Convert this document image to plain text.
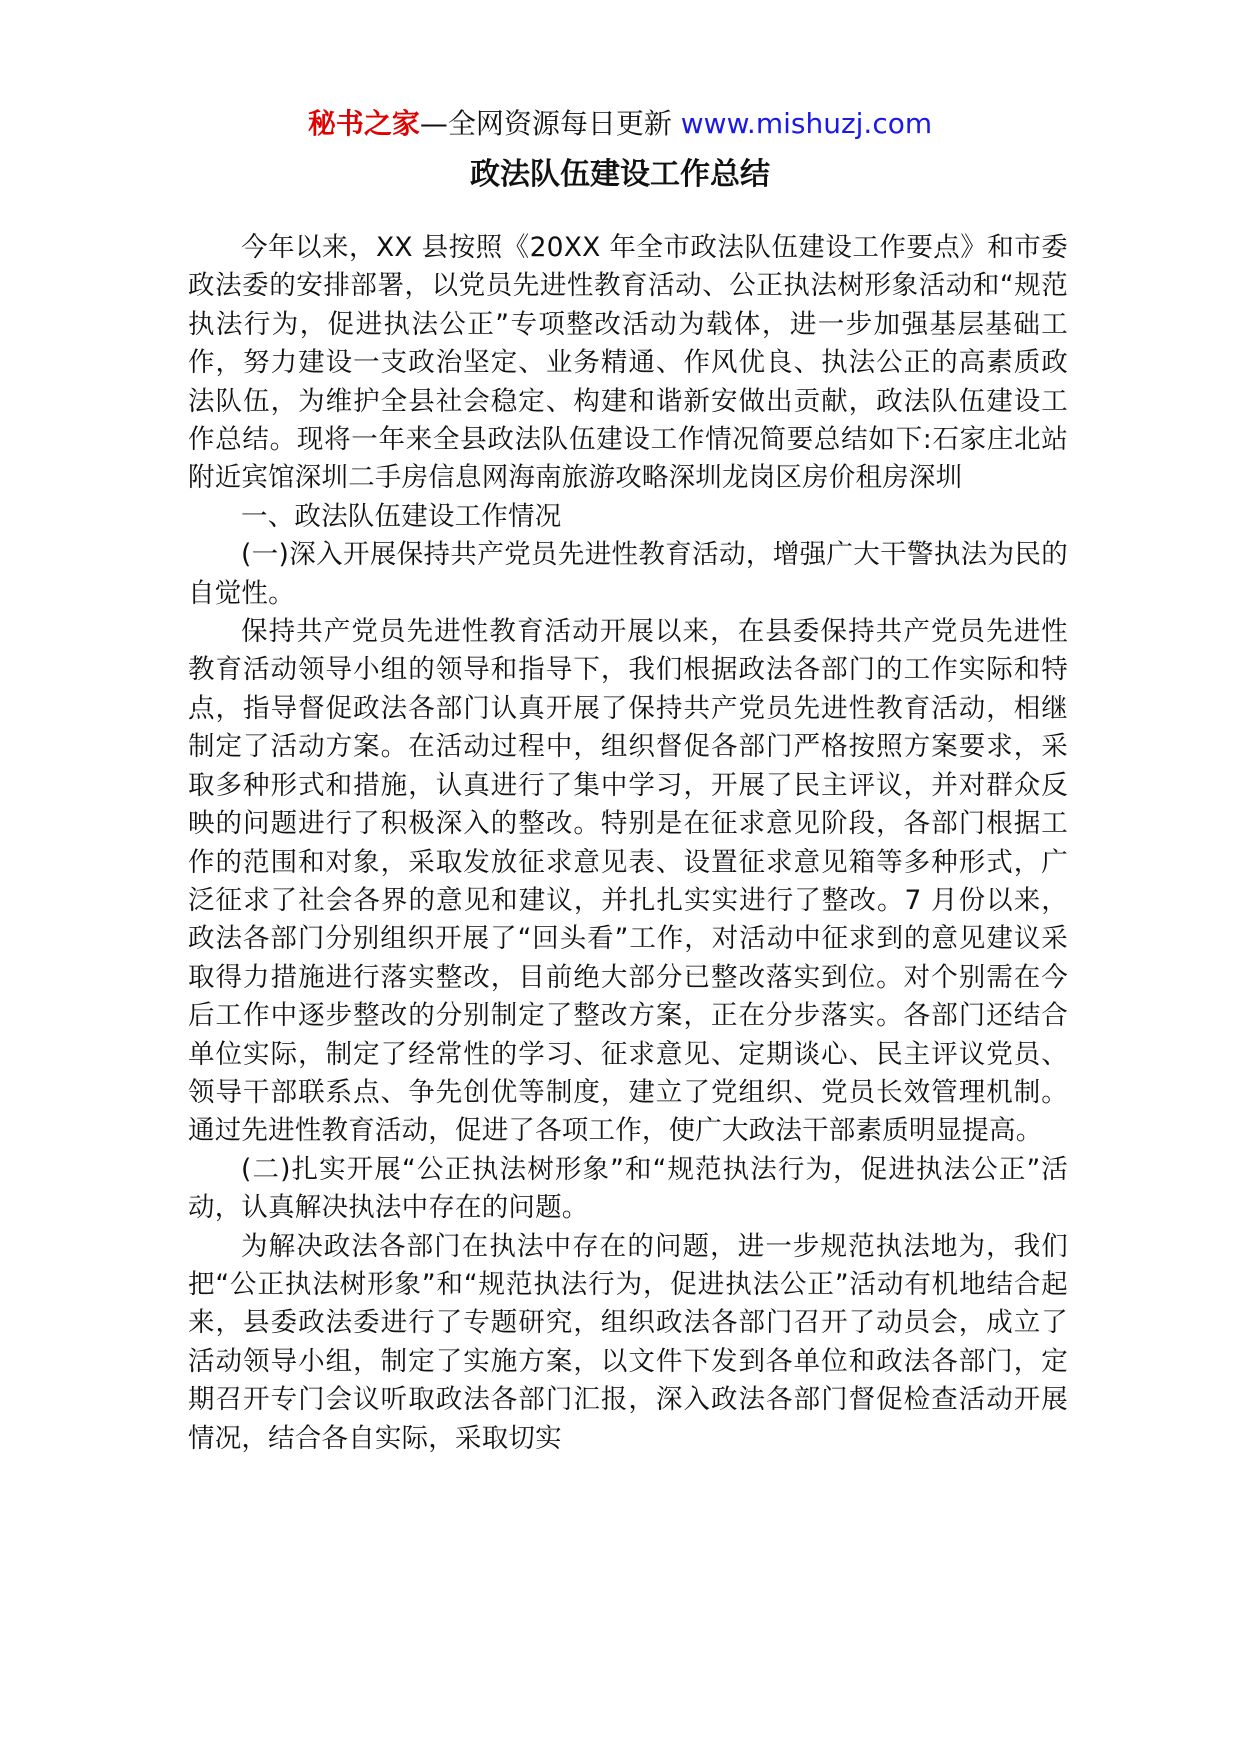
秘书之家—全网资源每日更新 www.mishuzj.com
政法队伍建设工作总结

今年以来，XX 县按照《20XX 年全市政法队伍建设工作要点》和市委政法委的安排部署，以党员先进性教育活动、公正执法树形象活动和“规范执法行为，促进执法公正”专项整改活动为载体，进一步加强基层基础工作，努力建设一支政治坚定、业务精通、作风优良、执法公正的高素质政法队伍，为维护全县社会稳定、构建和谐新安做出贡献，政法队伍建设工作总结。现将一年来全县政法队伍建设工作情况简要总结如下:石家庄北站附近宾馆深圳二手房信息网海南旅游攻略深圳龙岗区房价租房深圳

一、政法队伍建设工作情况

(一)深入开展保持共产党员先进性教育活动，增强广大干警执法为民的自觉性。

保持共产党员先进性教育活动开展以来，在县委保持共产党员先进性教育活动领导小组的领导和指导下，我们根据政法各部门的工作实际和特点，指导督促政法各部门认真开展了保持共产党员先进性教育活动，相继制定了活动方案。在活动过程中，组织督促各部门严格按照方案要求，采取多种形式和措施，认真进行了集中学习，开展了民主评议，并对群众反映的问题进行了积极深入的整改。特别是在征求意见阶段，各部门根据工作的范围和对象，采取发放征求意见表、设置征求意见箱等多种形式，广泛征求了社会各界的意见和建议，并扎扎实实进行了整改。7 月份以来，政法各部门分别组织开展了“回头看”工作，对活动中征求到的意见建议采取得力措施进行落实整改，目前绝大部分已整改落实到位。对个别需在今后工作中逐步整改的分别制定了整改方案，正在分步落实。各部门还结合单位实际，制定了经常性的学习、征求意见、定期谈心、民主评议党员、领导干部联系点、争先创优等制度，建立了党组织、党员长效管理机制。通过先进性教育活动，促进了各项工作，使广大政法干部素质明显提高。

(二)扎实开展“公正执法树形象”和“规范执法行为，促进执法公正”活动，认真解决执法中存在的问题。

为解决政法各部门在执法中存在的问题，进一步规范执法地为，我们把“公正执法树形象”和“规范执法行为，促进执法公正”活动有机地结合起来，县委政法委进行了专题研究，组织政法各部门召开了动员会，成立了活动领导小组，制定了实施方案，以文件下发到各单位和政法各部门，定期召开专门会议听取政法各部门汇报，深入政法各部门督促检查活动开展情况，结合各自实际，采取切实
